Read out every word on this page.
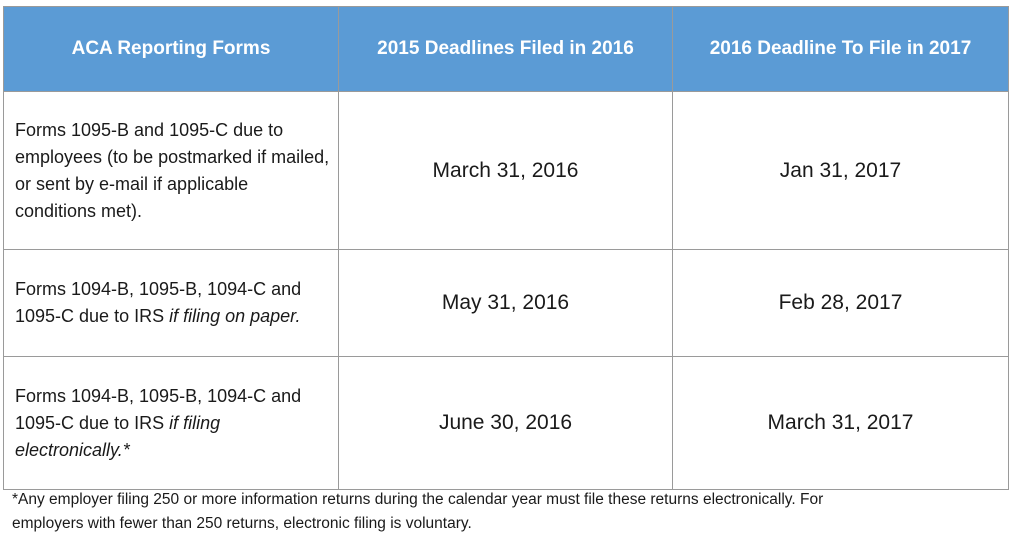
ACA Reporting Forms	2015 Deadlines Filed in 2016	2016 Deadline To File in 2017
Forms 1095-B and 1095-C due to employees (to be postmarked if mailed, or sent by e-mail if applicable conditions met).	March 31, 2016	Jan 31, 2017
Forms 1094-B, 1095-B, 1094-C and 1095-C due to IRS if filing on paper.	May 31, 2016	Feb 28, 2017
Forms 1094-B, 1095-B, 1094-C and 1095-C due to IRS if filing electronically.*	June 30, 2016	March 31, 2017
*Any employer filing 250 or more information returns during the calendar year must file these returns electronically. For
employers with fewer than 250 returns, electronic filing is voluntary.
